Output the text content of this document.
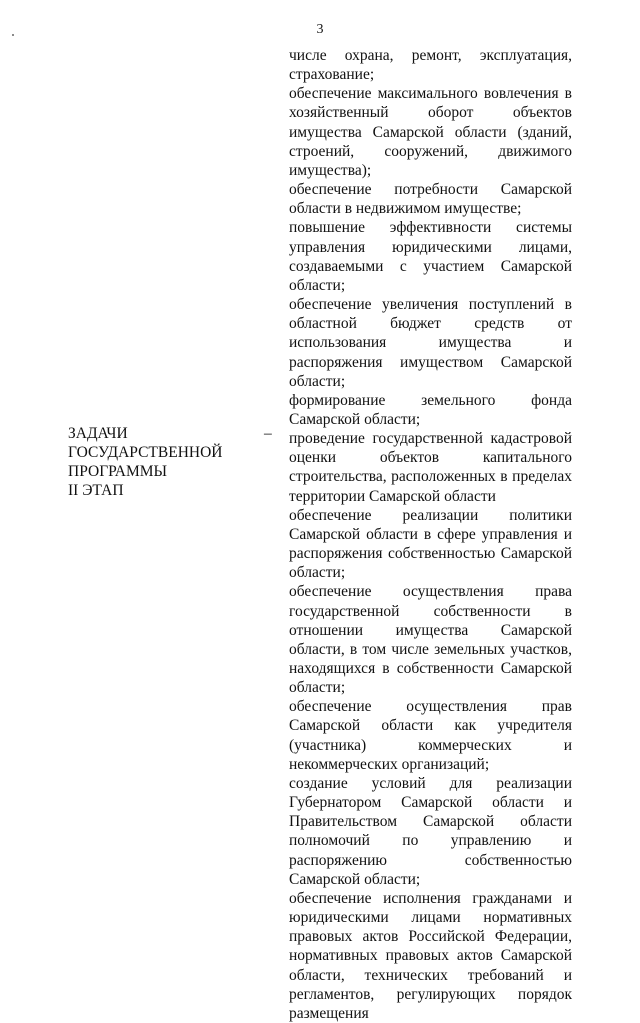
3
ЗАДАЧИ
ГОСУДАРСТВЕННОЙ
ПРОГРАММЫ
II ЭТАП
–

числе охрана, ремонт, эксплуатация, страхование;

обеспечение максимального вовлечения в хозяйственный оборот объектов имущества Самарской области (зданий, строений, сооружений, движимого имущества);

обеспечение потребности Самарской области в недвижимом имуществе;

повышение эффективности системы управления юридическими лицами, создаваемыми с участием Самарской области;

обеспечение увеличения поступлений в областной бюджет средств от использования имущества и распоряжения имуществом Самарской области;

формирование земельного фонда Самарской области;

проведение государственной кадастровой оценки объектов капитального строительства, расположенных в пределах территории Самарской области

обеспечение реализации политики Самарской области в сфере управления и распоряжения собственностью Самарской области;

обеспечение осуществления права государственной собственности в отношении имущества Самарской области, в том числе земельных участков, находящихся в собственности Самарской области;

обеспечение осуществления прав Самарской области как учредителя (участника) коммерческих и некоммерческих организаций;

создание условий для реализации Губернатором Самарской области и Правительством Самарской области полномочий по управлению и распоряжению собственностью Самарской области;

обеспечение исполнения гражданами и юридическими лицами нормативных правовых актов Российской Федерации, нормативных правовых актов Самарской области, технических требований и регламентов, регулирующих порядок размещения
